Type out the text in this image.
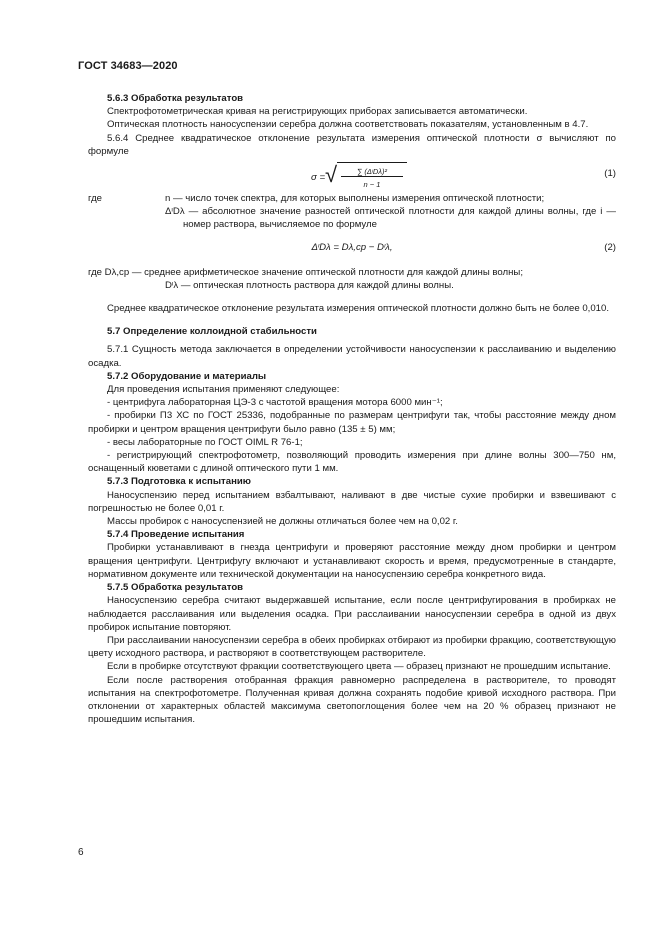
ГОСТ 34683—2020

5.6.3 Обработка результатов

Спектрофотометрическая кривая на регистрирующих приборах записывается автоматически.

Оптическая плотность наносуспензии серебра должна соответствовать показателям, установленным в 4.7.

5.6.4 Среднее квадратическое отклонение результата измерения оптической плотности σ вычисляют по формуле

σ = √	∑ (ΔᶦDλ)²
n − 1
(1)

где	n — число точек спектра, для которых выполнены измерения оптической плотности;

ΔᶦDλ — абсолютное значение разностей оптической плотности для каждой длины волны, где i — номер раствора, вычисляемое по формуле

ΔᶦDλ = Dλ,ср − Dᶦλ,	(2)

где Dλ,ср — среднее арифметическое значение оптической плотности для каждой длины волны;

Dᶦλ — оптическая плотность раствора для каждой длины волны.

Среднее квадратическое отклонение результата измерения оптической плотности должно быть не более 0,010.

5.7 Определение коллоидной стабильности

5.7.1 Сущность метода заключается в определении устойчивости наносуспензии к расслаиванию и выделению осадка.

5.7.2 Оборудование и материалы

Для проведения испытания применяют следующее:

- центрифуга лабораторная ЦЭ-3 с частотой вращения мотора 6000 мин⁻¹;

- пробирки П3 ХС по ГОСТ 25336, подобранные по размерам центрифуги так, чтобы расстояние между дном пробирки и центром вращения центрифуги было равно (135 ± 5) мм;

- весы лабораторные по ГОСТ OIML R 76-1;

- регистрирующий спектрофотометр, позволяющий проводить измерения при длине волны 300—750 нм, оснащенный кюветами с длиной оптического пути 1 мм.

5.7.3 Подготовка к испытанию

Наносуспензию перед испытанием взбалтывают, наливают в две чистые сухие пробирки и взвешивают с погрешностью не более 0,01 г.

Массы пробирок с наносуспензией не должны отличаться более чем на 0,02 г.

5.7.4 Проведение испытания

Пробирки устанавливают в гнезда центрифуги и проверяют расстояние между дном пробирки и центром вращения центрифуги. Центрифугу включают и устанавливают скорость и время, предусмотренные в стандарте, нормативном документе или технической документации на наносуспензию серебра конкретного вида.

5.7.5 Обработка результатов

Наносуспензию серебра считают выдержавшей испытание, если после центрифугирования в пробирках не наблюдается расслаивания или выделения осадка. При расслаивании наносуспензии серебра в одной из двух пробирок испытание повторяют.

При расслаивании наносуспензии серебра в обеих пробирках отбирают из пробирки фракцию, соответствующую цвету исходного раствора, и растворяют в соответствующем растворителе.

Если в пробирке отсутствуют фракции соответствующего цвета — образец признают не прошедшим испытание.

Если после растворения отобранная фракция равномерно распределена в растворителе, то проводят испытания на спектрофотометре. Полученная кривая должна сохранять подобие кривой исходного раствора. При отклонении от характерных областей максимума светопоглощения более чем на 20 % образец признают не прошедшим испытания.

6
